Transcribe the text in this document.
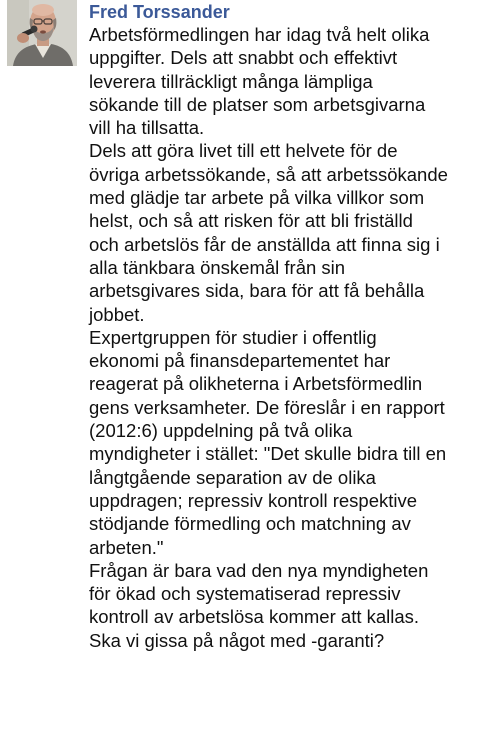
Fred Torssander
Arbetsförmedlingen har idag två helt olika
uppgifter. Dels att snabbt och effektivt
leverera tillräckligt många lämpliga
sökande till de platser som arbetsgivarna
vill ha tillsatta.
Dels att göra livet till ett helvete för de
övriga arbetssökande, så att arbetssökande
med glädje tar arbete på vilka villkor som
helst, och så att risken för att bli friställd
och arbetslös får de anställda att finna sig i
alla tänkbara önskemål från sin
arbetsgivares sida, bara för att få behålla
jobbet.
Expertgruppen för studier i offentlig
ekonomi på finansdepartementet har
reagerat på olikheterna i Arbetsförmedlin
gens verksamheter. De föreslår i en rapport
(2012:6) uppdelning på två olika
myndigheter i stället: "Det skulle bidra till en
långtgående separation av de olika
uppdragen; repressiv kontroll respektive
stödjande förmedling och matchning av
arbeten."
Frågan är bara vad den nya myndigheten
för ökad och systematiserad repressiv
kontroll av arbetslösa kommer att kallas.
Ska vi gissa på något med -garanti?
